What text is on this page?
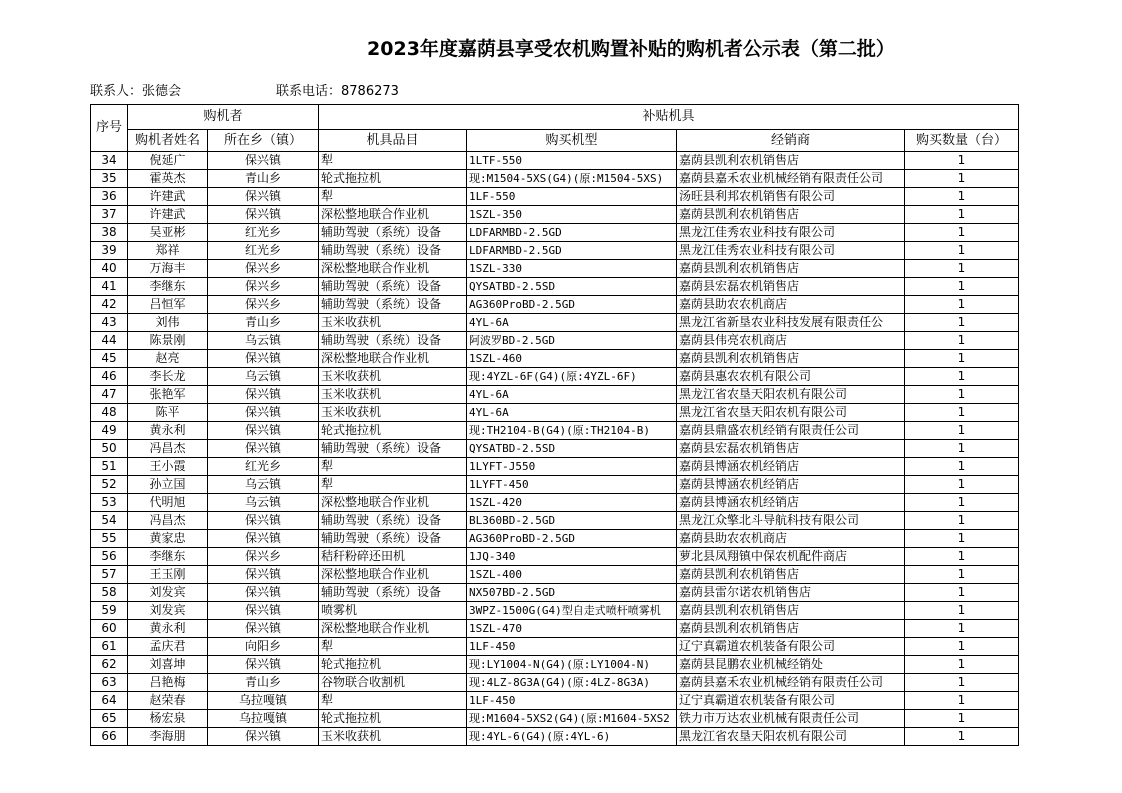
2023年度嘉荫县享受农机购置补贴的购机者公示表（第二批）
联系人：张德会	联系电话：8786273
序号	购机者		补贴机具			
	购机者姓名	所在乡（镇）	机具品目	购买机型	经销商	购买数量（台）
34	倪延广	保兴镇	犁	1LTF-550	嘉荫县凯利农机销售店	1
35	霍英杰	青山乡	轮式拖拉机	现:M1504-5XS(G4)(原:M1504-5XS)	嘉荫县嘉禾农业机械经销有限责任公司	1
36	许建武	保兴镇	犁	1LF-550	汤旺县利邦农机销售有限公司	1
37	许建武	保兴镇	深松整地联合作业机	1SZL-350	嘉荫县凯利农机销售店	1
38	吴亚彬	红光乡	辅助驾驶（系统）设备	LDFARMBD-2.5GD	黑龙江佳秀农业科技有限公司	1
39	郑祥	红光乡	辅助驾驶（系统）设备	LDFARMBD-2.5GD	黑龙江佳秀农业科技有限公司	1
40	万海丰	保兴乡	深松整地联合作业机	1SZL-330	嘉荫县凯利农机销售店	1
41	李继东	保兴乡	辅助驾驶（系统）设备	QYSATBD-2.5SD	嘉荫县宏磊农机销售店	1
42	吕恒军	保兴乡	辅助驾驶（系统）设备	AG360ProBD-2.5GD	嘉荫县助农农机商店	1
43	刘伟	青山乡	玉米收获机	4YL-6A	黑龙江省新垦农业科技发展有限责任公	1
44	陈景刚	乌云镇	辅助驾驶（系统）设备	阿波罗BD-2.5GD	嘉荫县伟亮农机商店	1
45	赵亮	保兴镇	深松整地联合作业机	1SZL-460	嘉荫县凯利农机销售店	1
46	李长龙	乌云镇	玉米收获机	现:4YZL-6F(G4)(原:4YZL-6F)	嘉荫县惠农农机有限公司	1
47	张艳军	保兴镇	玉米收获机	4YL-6A	黑龙江省农垦天阳农机有限公司	1
48	陈平	保兴镇	玉米收获机	4YL-6A	黑龙江省农垦天阳农机有限公司	1
49	黄永利	保兴镇	轮式拖拉机	现:TH2104-B(G4)(原:TH2104-B)	嘉荫县鼎盛农机经销有限责任公司	1
50	冯昌杰	保兴镇	辅助驾驶（系统）设备	QYSATBD-2.5SD	嘉荫县宏磊农机销售店	1
51	王小霞	红光乡	犁	1LYFT-J550	嘉荫县博涵农机经销店	1
52	孙立国	乌云镇	犁	1LYFT-450	嘉荫县博涵农机经销店	1
53	代明旭	乌云镇	深松整地联合作业机	1SZL-420	嘉荫县博涵农机经销店	1
54	冯昌杰	保兴镇	辅助驾驶（系统）设备	BL360BD-2.5GD	黑龙江众擎北斗导航科技有限公司	1
55	黄家忠	保兴镇	辅助驾驶（系统）设备	AG360ProBD-2.5GD	嘉荫县助农农机商店	1
56	李继东	保兴乡	秸秆粉碎还田机	1JQ-340	萝北县凤翔镇中保农机配件商店	1
57	王玉刚	保兴镇	深松整地联合作业机	1SZL-400	嘉荫县凯利农机销售店	1
58	刘发宾	保兴镇	辅助驾驶（系统）设备	NX507BD-2.5GD	嘉荫县雷尔诺农机销售店	1
59	刘发宾	保兴镇	喷雾机	3WPZ-1500G(G4)型自走式喷杆喷雾机	嘉荫县凯利农机销售店	1
60	黄永利	保兴镇	深松整地联合作业机	1SZL-470	嘉荫县凯利农机销售店	1
61	孟庆君	向阳乡	犁	1LF-450	辽宁真霸道农机装备有限公司	1
62	刘喜坤	保兴镇	轮式拖拉机	现:LY1004-N(G4)(原:LY1004-N)	嘉荫县昆鹏农业机械经销处	1
63	吕艳梅	青山乡	谷物联合收割机	现:4LZ-8G3A(G4)(原:4LZ-8G3A)	嘉荫县嘉禾农业机械经销有限责任公司	1
64	赵荣春	乌拉嘎镇	犁	1LF-450	辽宁真霸道农机装备有限公司	1
65	杨宏泉	乌拉嘎镇	轮式拖拉机	现:M1604-5XS2(G4)(原:M1604-5XS2	铁力市万达农业机械有限责任公司	1
66	李海朋	保兴镇	玉米收获机	现:4YL-6(G4)(原:4YL-6)	黑龙江省农垦天阳农机有限公司	1
